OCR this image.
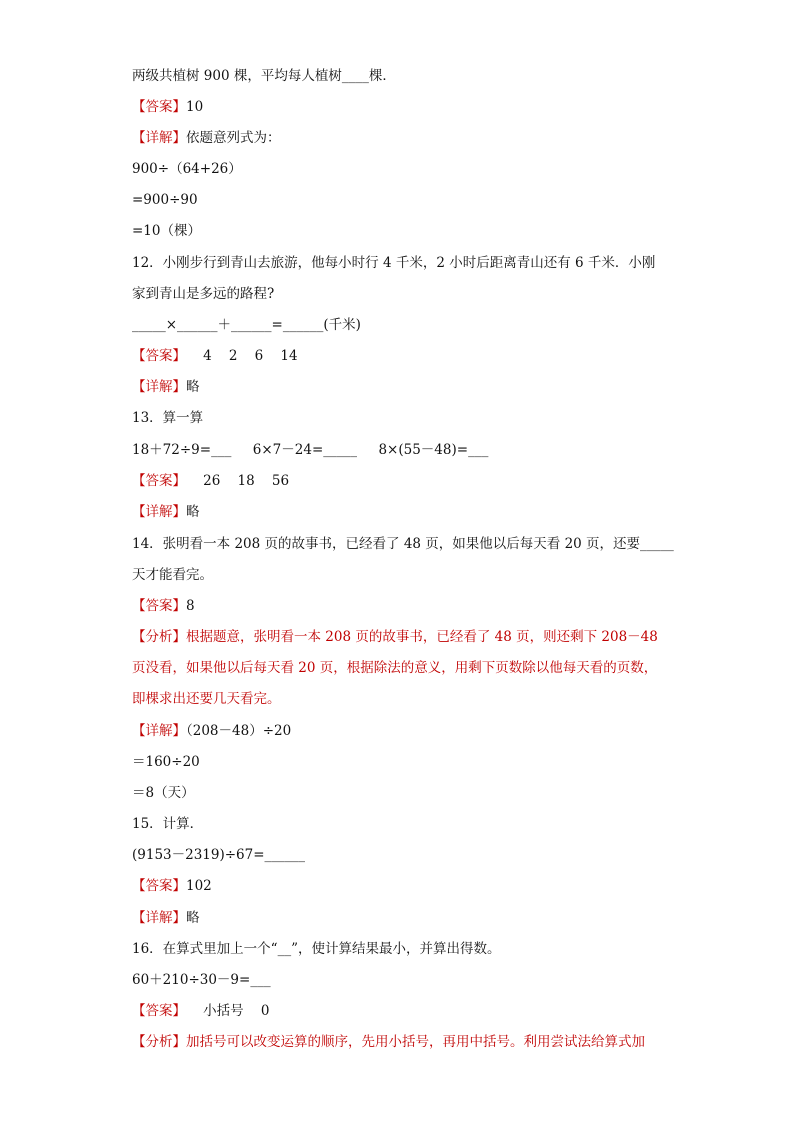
两级共植树 900 棵，平均每人植树____棵．
【答案】10
【详解】依题意列式为：
900÷（64+26）
=900÷90
=10（棵）
12．小刚步行到青山去旅游，他每小时行 4 千米，2 小时后距离青山还有 6 千米．小刚
家到青山是多远的路程?
_____×______＋______=______(千米)
【答案】    4    2    6    14
【详解】略
13．算一算
18＋72÷9=___     6×7－24=_____     8×(55－48)=___
【答案】    26    18    56
【详解】略
14．张明看一本 208 页的故事书，已经看了 48 页，如果他以后每天看 20 页，还要_____
天才能看完。
【答案】8
【分析】根据题意，张明看一本 208 页的故事书，已经看了 48 页，则还剩下 208－48
页没看，如果他以后每天看 20 页，根据除法的意义，用剩下页数除以他每天看的页数，
即棵求出还要几天看完。
【详解】（208－48）÷20
＝160÷20
＝8（天）
15．计算．
(9153－2319)÷67=______
【答案】102
【详解】略
16．在算式里加上一个“__”，使计算结果最小，并算出得数。
60＋210÷30－9=___
【答案】    小括号    0
【分析】加括号可以改变运算的顺序，先用小括号，再用中括号。利用尝试法给算式加
